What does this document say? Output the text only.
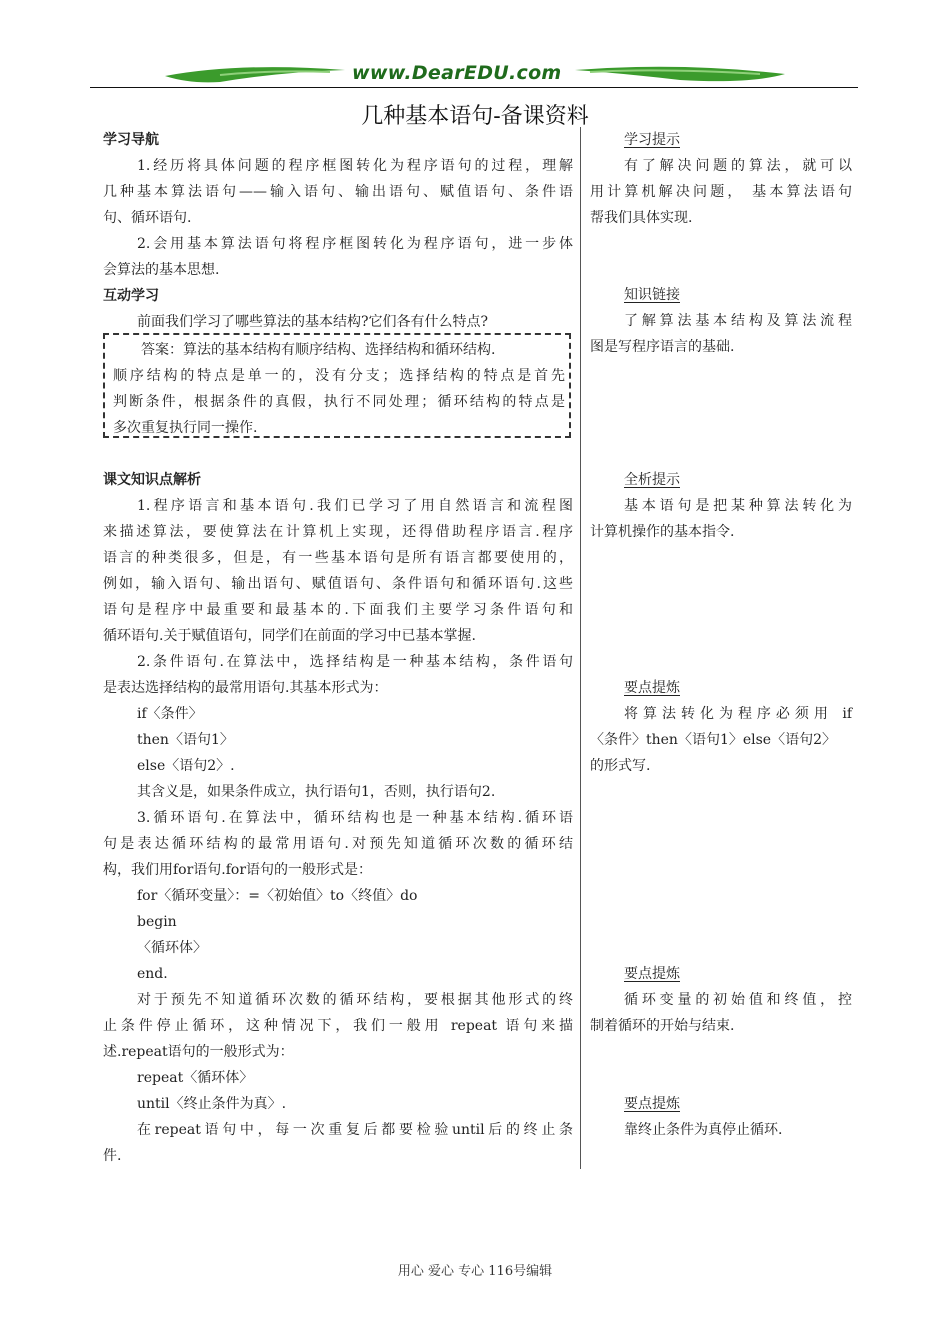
www.DearEDU.com
几种基本语句-备课资料
学习导航
1.经历将具体问题的程序框图转化为程序语句的过程，理解
几种基本算法语句——输入语句、输出语句、赋值语句、条件语
句、循环语句.
2.会用基本算法语句将程序框图转化为程序语句，进一步体
会算法的基本思想.
互动学习
前面我们学习了哪些算法的基本结构?它们各有什么特点?
答案：算法的基本结构有顺序结构、选择结构和循环结构.
顺序结构的特点是单一的，没有分支；选择结构的特点是首先
判断条件，根据条件的真假，执行不同处理；循环结构的特点是
多次重复执行同一操作.
课文知识点解析
1.程序语言和基本语句.我们已学习了用自然语言和流程图
来描述算法，要使算法在计算机上实现，还得借助程序语言.程序
语言的种类很多，但是，有一些基本语句是所有语言都要使用的，
例如，输入语句、输出语句、赋值语句、条件语句和循环语句.这些
语句是程序中最重要和最基本的.下面我们主要学习条件语句和
循环语句.关于赋值语句，同学们在前面的学习中已基本掌握.
2.条件语句.在算法中，选择结构是一种基本结构，条件语句
是表达选择结构的最常用语句.其基本形式为：
if〈条件〉
then〈语句1〉
else〈语句2〉.
其含义是，如果条件成立，执行语句1，否则，执行语句2.
3.循环语句.在算法中，循环结构也是一种基本结构.循环语
句是表达循环结构的最常用语句.对预先知道循环次数的循环结
构，我们用for语句.for语句的一般形式是：
for〈循环变量〉：=〈初始值〉to〈终值〉do
begin
〈循环体〉
end.
对于预先不知道循环次数的循环结构，要根据其他形式的终
止条件停止循环，这种情况下，我们一般用 repeat 语句来描
述.repeat语句的一般形式为：
repeat〈循环体〉
until〈终止条件为真〉.
在repeat语句中，每一次重复后都要检验until后的终止条
件.
学习提示
有了解决问题的算法，就可以
用计算机解决问题， 基本算法语句
帮我们具体实现.
知识链接
了解算法基本结构及算法流程
图是写程序语言的基础.
全析提示
基本语句是把某种算法转化为
计算机操作的基本指令.
要点提炼
将算法转化为程序必须用 if
〈条件〉then〈语句1〉else〈语句2〉
的形式写.
要点提炼
循环变量的初始值和终值，控
制着循环的开始与结束.
要点提炼
靠终止条件为真停止循环.
用心 爱心 专心 116号编辑
